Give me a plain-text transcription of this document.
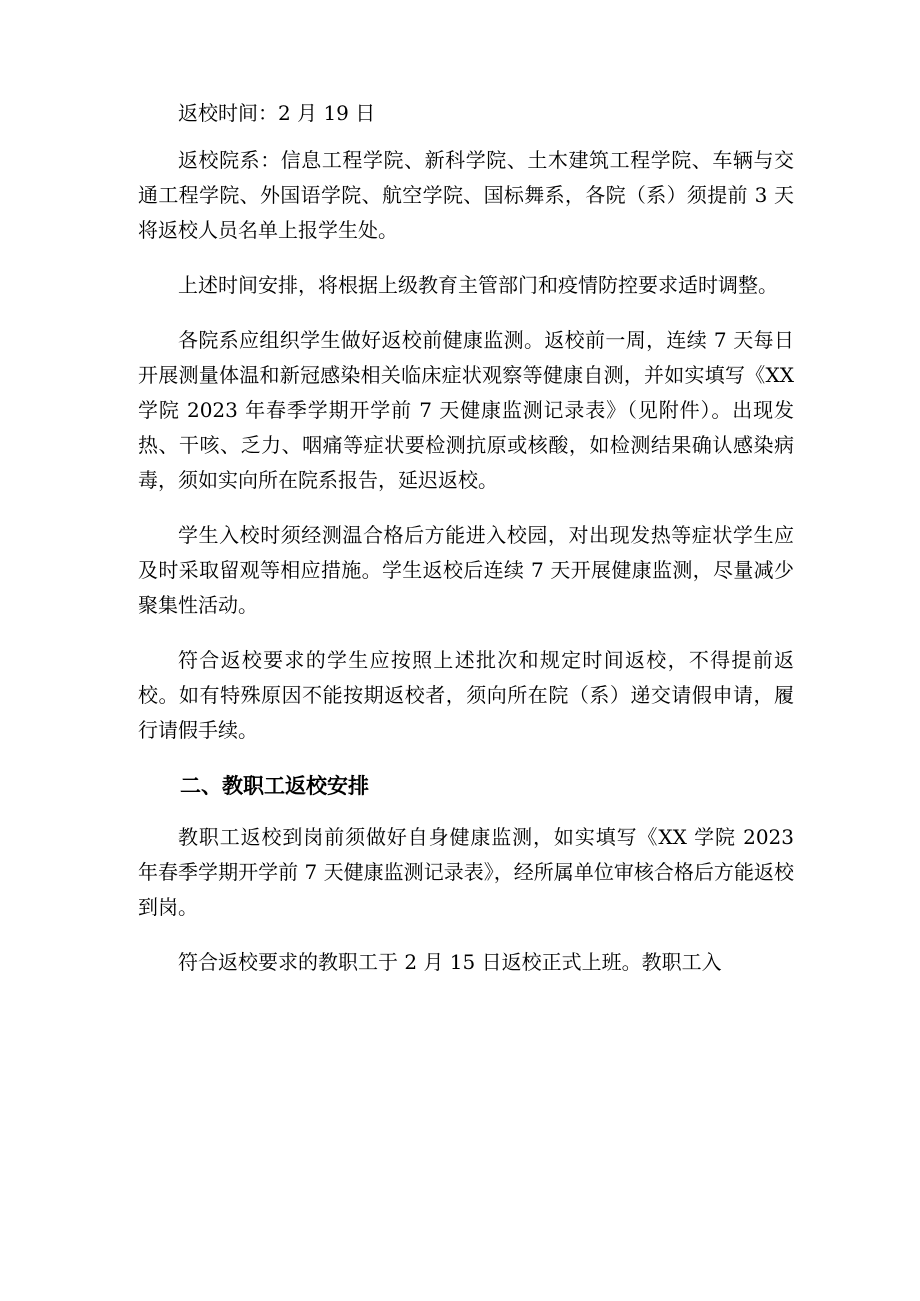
返校时间：2 月 19 日

返校院系：信息工程学院、新科学院、土木建筑工程学院、车辆与交通工程学院、外国语学院、航空学院、国标舞系，各院（系）须提前 3 天将返校人员名单上报学生处。

上述时间安排，将根据上级教育主管部门和疫情防控要求适时调整。

各院系应组织学生做好返校前健康监测。返校前一周，连续 7 天每日开展测量体温和新冠感染相关临床症状观察等健康自测，并如实填写《XX 学院 2023 年春季学期开学前 7 天健康监测记录表》（见附件）。出现发热、干咳、乏力、咽痛等症状要检测抗原或核酸，如检测结果确认感染病毒，须如实向所在院系报告，延迟返校。

学生入校时须经测温合格后方能进入校园，对出现发热等症状学生应及时采取留观等相应措施。学生返校后连续 7 天开展健康监测，尽量减少聚集性活动。

符合返校要求的学生应按照上述批次和规定时间返校，不得提前返校。如有特殊原因不能按期返校者，须向所在院（系）递交请假申请，履行请假手续。

二、教职工返校安排

教职工返校到岗前须做好自身健康监测，如实填写《XX 学院 2023 年春季学期开学前 7 天健康监测记录表》，经所属单位审核合格后方能返校到岗。

符合返校要求的教职工于 2 月 15 日返校正式上班。教职工入
